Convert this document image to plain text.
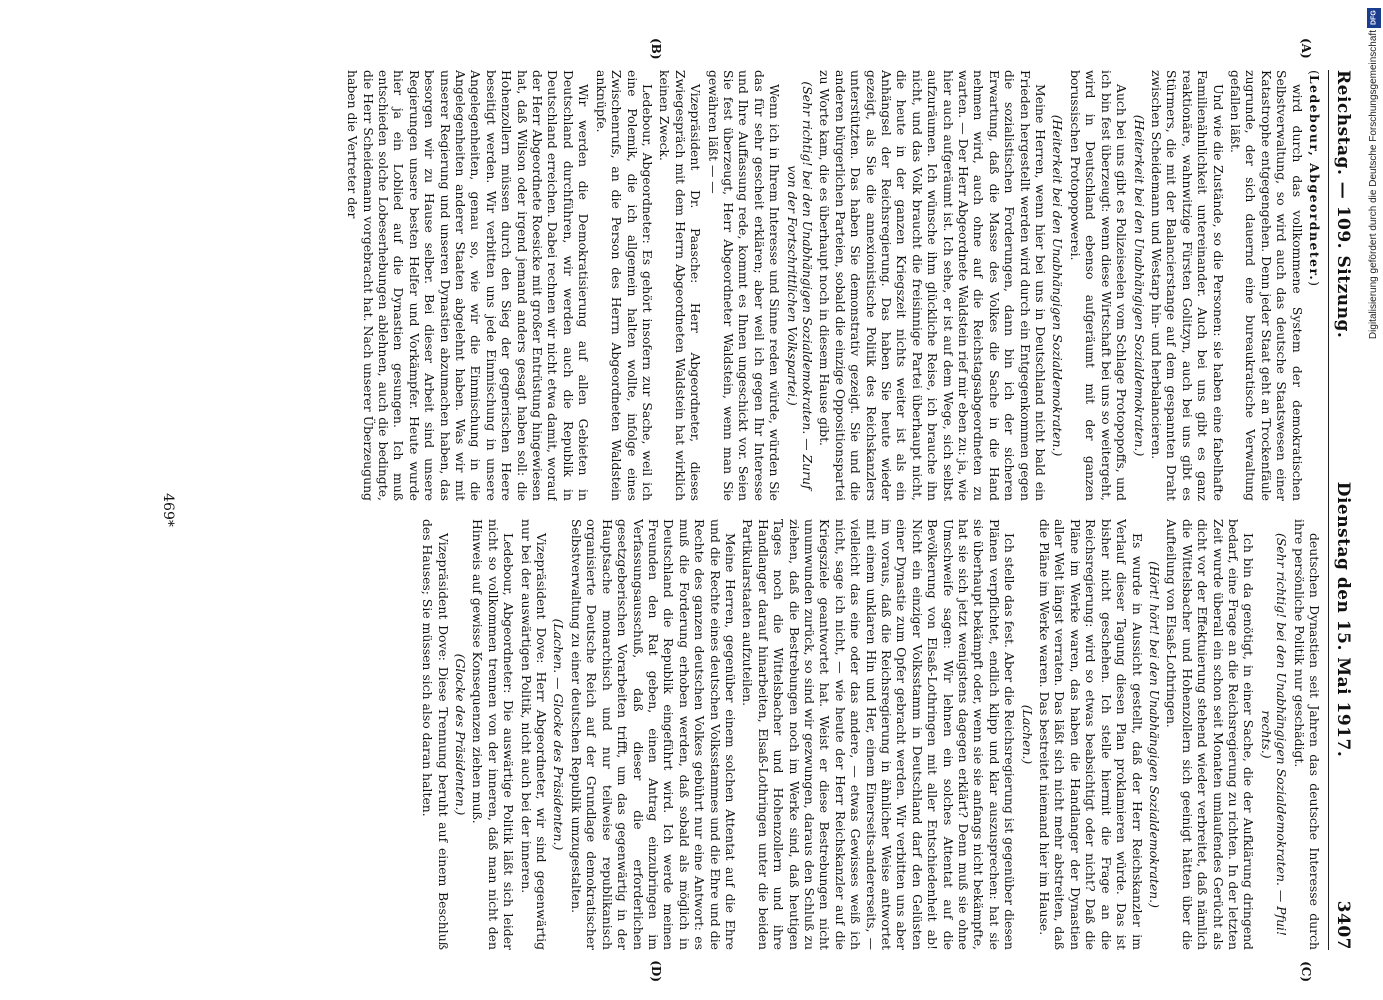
Reichstag. — 109. Sitzung.
Dienstag den 15. Mai 1917.
3407

(Ledebour, Abgeordneter.)

wird durch das vollkommene System der demokratischen Selbstverwaltung, so wird auch das deutsche Staatswesen einer Katastrophe entgegengehen. Denn jeder Staat geht an Trockenfäule zugrunde, der sich dauernd eine bureaukratische Verwaltung gefallen läßt.

Und wie die Zustände, so die Personen: sie haben eine fabelhafte Familienähnlichkeit untereinander. Auch bei uns gibt es ganz reaktionäre, wahnwitzige Fürsten Golitzyn, auch bei uns gibt es Stürmers, die mit der Balancierstange auf dem gespannten Draht zwischen Scheidemann und Westarp hin- und herbalancieren.

(Heiterkeit bei den Unabhängigen Sozialdemokraten.)

Auch bei uns gibt es Polizeiseelen vom Schlage Protopopoffs, und ich bin fest überzeugt: wenn diese Wirtschaft bei uns so weitergeht, wird in Deutschland ebenso aufgeräumt mit der ganzen borussischen Protopopowerei.

(Heiterkeit bei den Unabhängigen Sozialdemokraten.)

Meine Herren, wenn hier bei uns in Deutschland nicht bald ein Frieden hergestellt werden wird durch ein Entgegenkommen gegen die sozialistischen Forderungen, dann bin ich der sicheren Erwartung, daß die Masse des Volkes die Sache in die Hand nehmen wird, auch ohne auf die Reichstagsabgeordneten zu warten. — Der Herr Abgeordnete Waldstein rief mir eben zu: ja, wie hier auch aufgeräumt ist. Ich sehe, er ist auf dem Wege, sich selbst aufzuräumen. Ich wünsche ihm glückliche Reise, ich brauche ihn nicht, und das Volk braucht die freisinnige Partei überhaupt nicht, die heute in der ganzen Kriegszeit nichts weiter ist als ein Anhängsel der Reichsregierung. Das haben Sie heute wieder gezeigt, als Sie die annexionistische Politik des Reichskanzlers unterstützten. Das haben Sie demonstrativ gezeigt. Sie und die anderen bürgerlichen Parteien, sobald die einzige Oppositionspartei zu Worte kam, die es überhaupt noch in diesem Hause gibt.

(Sehr richtig! bei den Unabhängigen Sozialdemokraten. — Zuruf von der Fortschrittlichen Volkspartei.)

Wenn ich in Ihrem Interesse und Sinne reden würde, würden Sie das für sehr gescheit erklären; aber weil ich gegen Ihr Interesse und Ihre Auffassung rede, kommt es Ihnen ungeschickt vor. Seien Sie fest überzeugt, Herr Abgeordneter Waldstein, wenn man Sie gewähren läßt — —

Vizepräsident Dr. Paasche: Herr Abgeordneter, dieses Zwiegespräch mit dem Herrn Abgeordneten Waldstein hat wirklich keinen Zweck.

Ledebour, Abgeordneter: Es gehört insofern zur Sache, weil ich eine Polemik, die ich allgemein halten wollte, infolge eines Zwischenrufs, an die Person des Herrn Abgeordneten Waldstein anknüpfe.

Wir werden die Demokratisierung auf allen Gebieten in Deutschland durchführen, wir werden auch die Republik in Deutschland erreichen. Dabei rechnen wir nicht etwa damit, worauf der Herr Abgeordnete Roesicke mit großer Entrüstung hingewiesen hat, daß Wilson oder irgend jemand anders gesagt haben soll: die Hohenzollern müssen durch den Sieg der gegnerischen Heere beseitigt werden. Wir verbitten uns jede Einmischung in unsere Angelegenheiten, genau so, wie wir die Einmischung in die Angelegenheiten anderer Staaten abgelehnt haben. Was wir mit unserer Regierung und unseren Dynastien abzumachen haben, das besorgen wir zu Hause selber. Bei dieser Arbeit sind unsere Regierungen unsere besten Helfer und Vorkämpfer. Heute wurde hier ja ein Loblied auf die Dynastien gesungen. Ich muß entschieden solche Lobeserhebungen ablehnen, auch die bedingte, die Herr Scheidemann vorgebracht hat. Nach unserer Überzeugung haben die Vertreter der

deutschen Dynastien seit Jahren das deutsche Interesse durch ihre persönliche Politik nur geschädigt.

(Sehr richtig! bei den Unabhängigen Sozialdemokraten. — Pfui! rechts.)

Ich bin da genötigt, in einer Sache, die der Aufklärung dringend bedarf, eine Frage an die Reichsregierung zu richten. In der letzten Zeit wurde überall ein schon seit Monaten umlaufendes Gerücht als dicht vor der Effektuierung stehend wieder verbreitet, daß nämlich die Wittelsbacher und Hohenzollern sich geeinigt hätten über die Aufteilung von Elsaß-Lothringen.

(Hört! hört! bei den Unabhängigen Sozialdemokraten.)

Es wurde in Aussicht gestellt, daß der Herr Reichskanzler im Verlauf dieser Tagung diesen Plan proklamieren würde. Das ist bisher nicht geschehen. Ich stelle hiermit die Frage an die Reichsregierung: wird so etwas beabsichtigt oder nicht? Daß die Pläne im Werke waren, das haben die Handlanger der Dynastien aller Welt längst verraten. Das läßt sich nicht mehr abstreiten, daß die Pläne im Werke waren. Das bestreitet niemand hier im Hause.

(Lachen.)

Ich stelle das fest. Aber die Reichsregierung ist gegenüber diesen Plänen verpflichtet, endlich klipp und klar auszusprechen: hat sie sie überhaupt bekämpft oder, wenn sie sie anfangs nicht bekämpfte, hat sie sich jetzt wenigstens dagegen erklärt? Denn muß sie ohne Umschweife sagen: Wir lehnen ein solches Attentat auf die Bevölkerung von Elsaß-Lothringen mit aller Entschiedenheit ab! Nicht ein einziger Volksstamm in Deutschland darf den Gelüsten einer Dynastie zum Opfer gebracht werden. Wir verbitten uns aber im voraus, daß die Reichsregierung in ähnlicher Weise antwortet mit einem unklaren Hin und Her, einem Einerseits-andererseits, — vielleicht das eine oder das andere, — etwas Gewisses weiß ich nicht, sage ich nicht, — wie heute der Herr Reichskanzler auf die Kriegsziele geantwortet hat. Weist er diese Bestrebungen nicht unumwunden zurück, so sind wir gezwungen, daraus den Schluß zu ziehen, daß die Bestrebungen noch im Werke sind, daß heutigen Tages noch die Wittelsbacher und Hohenzollern und ihre Handlanger darauf hinarbeiten, Elsaß-Lothringen unter die beiden Partikularstaaten aufzuteilen.

Meine Herren, gegenüber einem solchen Attentat auf die Ehre und die Rechte eines deutschen Volksstammes und die Ehre und die Rechte des ganzen deutschen Volkes gebührt nur eine Antwort: es muß die Forderung erhoben werden, daß sobald als möglich in Deutschland die Republik eingeführt wird. Ich werde meinen Freunden den Rat geben, einen Antrag einzubringen im Verfassungsausschuß, daß dieser die erforderlichen gesetzgeberischen Vorarbeiten trifft, um das gegenwärtig in der Hauptsache monarchisch und nur teilweise republikanisch organisierte Deutsche Reich auf der Grundlage demokratischer Selbstverwaltung zu einer deutschen Republik umzugestalten.

(Lachen. — Glocke des Präsidenten.)

Vizepräsident Dove: Herr Abgeordneter, wir sind gegenwärtig nur bei der auswärtigen Politik, nicht auch bei der inneren.

Ledebour, Abgeordneter: Die auswärtige Politik läßt sich leider nicht so vollkommen trennen von der inneren, daß man nicht den Hinweis auf gewisse Konsequenzen ziehen muß.

(Glocke des Präsidenten.)

Vizepräsident Dove: Diese Trennung beruht auf einem Beschluß des Hauses; Sie müssen sich also daran halten.

469*
(A)
(B)
(C)
(D)
DFG
Digitalisierung gefördert durch die Deutsche Forschungsgemeinschaft
